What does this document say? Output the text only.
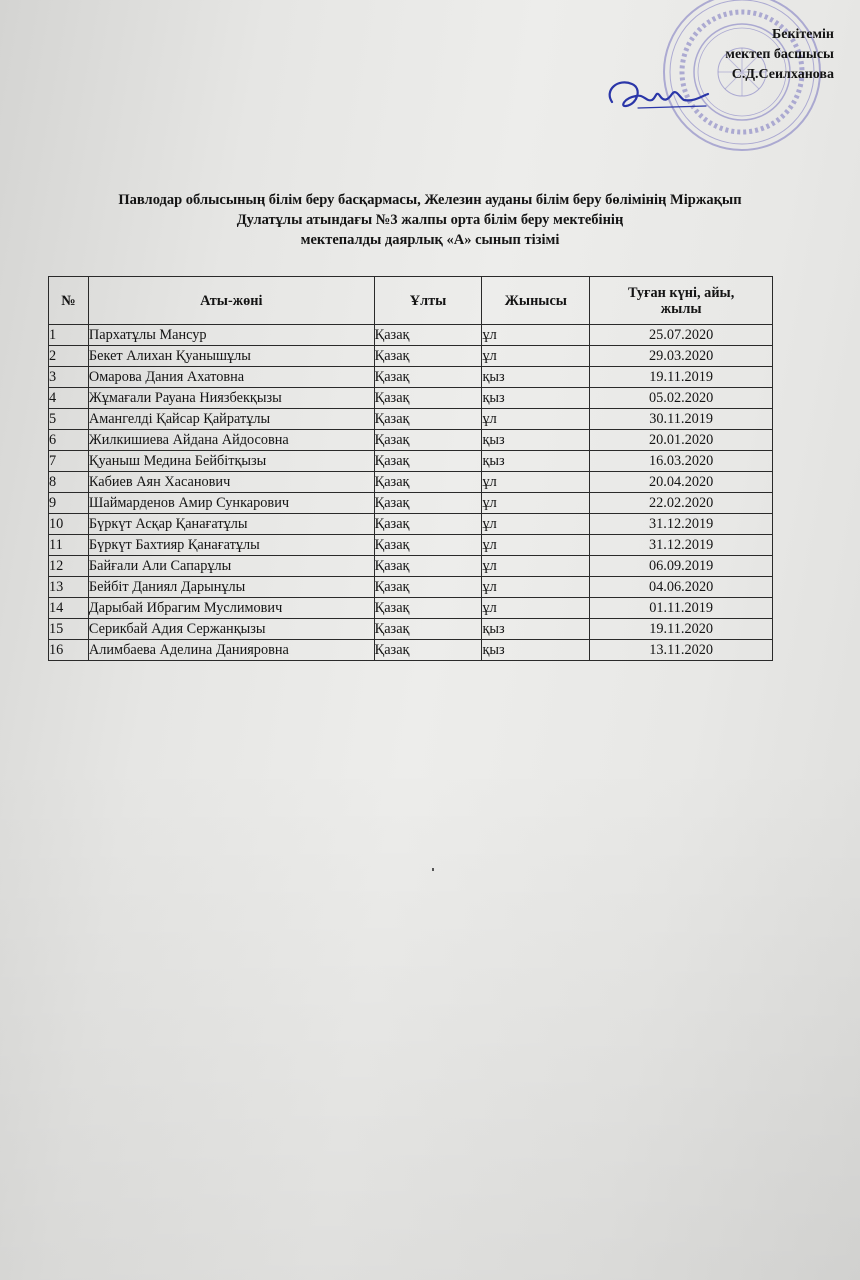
Бекітемін
мектеп басшысы
С.Д.Сеилханова
Павлодар облысының білім беру басқармасы, Железин ауданы білім беру бөлімінің Міржақып
Дулатұлы атындағы №3 жалпы орта білім беру мектебінің
мектепалды даярлық «А» сынып тізімі
№	Аты-жөні	Ұлты	Жынысы	Туған күні, айы,
жылы

1	Пархатұлы Мансур	Қазақ	ұл	25.07.2020
2	Бекет Алихан Қуанышұлы	Қазақ	ұл	29.03.2020
3	Омарова Дания Ахатовна	Қазақ	қыз	19.11.2019
4	Жұмағали Рауана Ниязбекқызы	Қазақ	қыз	05.02.2020
5	Амангелді Қайсар Қайратұлы	Қазақ	ұл	30.11.2019
6	Жилкишиева Айдана Айдосовна	Қазақ	қыз	20.01.2020
7	Қуаныш Медина Бейбітқызы	Қазақ	қыз	16.03.2020
8	Кабиев Аян Хасанович	Қазақ	ұл	20.04.2020
9	Шаймарденов Амир Сункарович	Қазақ	ұл	22.02.2020
10	Бүркүт Асқар Қанағатұлы	Қазақ	ұл	31.12.2019
11	Бүркүт Бахтияр Қанағатұлы	Қазақ	ұл	31.12.2019
12	Байғали Али Сапарұлы	Қазақ	ұл	06.09.2019
13	Бейбіт Даниял Дарынұлы	Қазақ	ұл	04.06.2020
14	Дарыбай Ибрагим Муслимович	Қазақ	ұл	01.11.2019
15	Серикбай Адия Сержанқызы	Қазақ	қыз	19.11.2020
16	Алимбаева Аделина Данияровна	Қазақ	қыз	13.11.2020
